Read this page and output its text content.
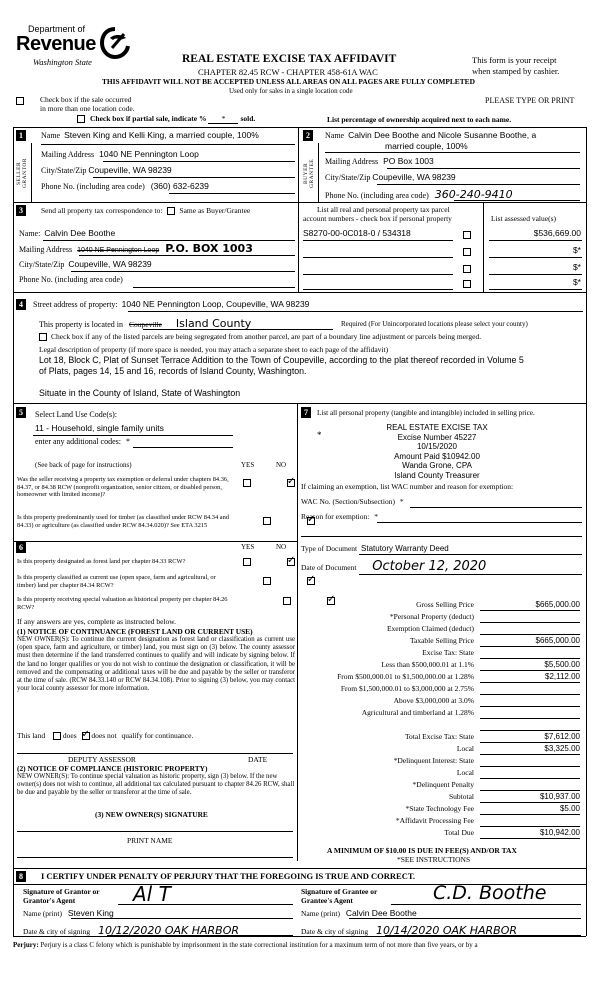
Department of
Revenue
Washington State	REAL ESTATE EXCISE TAX AFFIDAVIT
CHAPTER 82.45 RCW - CHAPTER 458-61A WAC
This form is your receipt
when stamped by cashier.
THIS AFFIDAVIT WILL NOT BE ACCEPTED UNLESS ALL AREAS ON ALL PAGES ARE FULLY COMPLETED
Used only for sales in a single location code
Check box if the sale occurred
in more than one location code.
PLEASE TYPE OR PRINT
Check box if partial sale, indicate % * sold.	List percentage of ownership acquired next to each name.
1
SELLER GRANTOR
Name Steven King and Kelli King, a married couple, 100%
Mailing Address 1040 NE Pennington Loop
City/State/Zip Coupeville, WA 98239
Phone No. (including area code) (360) 632-6239
2
BUYER GRANTEE
Name Calvin Dee Boothe and Nicole Susanne Boothe, a
married couple, 100%
Mailing Address PO Box 1003
City/State/Zip Coupeville, WA 98239
Phone No. (including area code) 360-240-9410
3	Send all property tax correspondence to: Same as Buyer/Grantee
Name: Calvin Dee Boothe
Mailing Address 1040 NE Pennington Loop P.O. BOX 1003
City/State/Zip Coupeville, WA 98239
Phone No. (including area code)
List all real and personal property tax parcel
account numbers - check box if personal property	List assessed value(s)
S8270-00-0C018-0 / 534318	$536,669.00
$*
$*
$*
4	Street address of property: 1040 NE Pennington Loop, Coupeville, WA 98239
This property is located in Coupeville Island County	Required (For Unincorporated locations please select your county)
Check box if any of the listed parcels are being segregated from another parcel, are part of a boundary line adjustment or parcels being merged.
Legal description of property (if more space is needed, you may attach a separate sheet to each page of the affidavit)
Lot 18, Block C, Plat of Sunset Terrace Addition to the Town of Coupeville, according to the plat thereof recorded in Volume 5
of Plats, pages 14, 15 and 16, records of Island County, Washington.
Situate in the County of Island, State of Washington
5	Select Land Use Code(s):
11 - Household, single family units
enter any additional codes: *
(See back of page for instructions)	YES	NO
Was the seller receiving a property tax exemption or deferral under chapters 84.36, 84.37, or 84.38 RCW (nonprofit organization, senior citizen, or disabled person, homeowner with limited income)?
✓
Is this property predominantly used for timber (as classified under RCW 84.34 and 84.33) or agriculture (as classified under RCW 84.34.020)? See ETA 3215
✓
6	YES	NO
Is this property designated as forest land per chapter 84.33 RCW?
✓
Is this property classified as current use (open space, farm and agricultural, or timber) land per chapter 84.34 RCW?
✓
Is this property receiving special valuation as historical property per chapter 84.26 RCW?
✓
If any answers are yes, complete as instructed below.
(1) NOTICE OF CONTINUANCE (FOREST LAND OR CURRENT USE)
NEW OWNER(S): To continue the current designation as forest land or classification as current use (open space, farm and agriculture, or timber) land, you must sign on (3) below. The county assessor must then determine if the land transferred continues to qualify and will indicate by signing below. If the land no longer qualifies or you do not wish to continue the designation or classification, it will be removed and the compensating or additional taxes will be due and payable by the seller or transferor at the time of sale. (RCW 84.33.140 or RCW 84.34.108). Prior to signing (3) below, you may contact your local county assessor for more information.
This land does ✓ does not qualify for continuance.
DEPUTY ASSESSOR	DATE
(2) NOTICE OF COMPLIANCE (HISTORIC PROPERTY)
NEW OWNER(S): To continue special valuation as historic property, sign (3) below. If the new owner(s) does not wish to continue, all additional tax calculated pursuant to chapter 84.26 RCW, shall be due and payable by the seller or transferor at the time of sale.
(3) NEW OWNER(S) SIGNATURE
PRINT NAME
7	List all personal property (tangible and intangible) included in selling price.
*
REAL ESTATE EXCISE TAX
Excise Number 45227
10/15/2020
Amount Paid $10942.00
Wanda Grone, CPA
Island County Treasurer
If claiming an exemption, list WAC number and reason for exemption:
WAC No. (Section/Subsection) *
Reason for exemption: *
Type of Document Statutory Warranty Deed
Date of Document October 12, 2020
Gross Selling Price	$665,000.00
*Personal Property (deduct)
Exemption Claimed (deduct)
Taxable Selling Price	$665,000.00
Excise Tax: State
Less than $500,000.01 at 1.1%	$5,500.00
From $500,000.01 to $1,500,000.00 at 1.28%	$2,112.00
From $1,500,000.01 to $3,000,000 at 2.75%
Above $3,000,000 at 3.0%
Agricultural and timberland at 1.28%
Total Excise Tax: State	$7,612.00
Local	$3,325.00
*Delinquent Interest: State
Local
*Delinquent Penalty
Subtotal	$10,937.00
*State Technology Fee	$5.00
*Affidavit Processing Fee
Total Due	$10,942.00
A MINIMUM OF $10.00 IS DUE IN FEE(S) AND/OR TAX
*SEE INSTRUCTIONS
8	I CERTIFY UNDER PENALTY OF PERJURY THAT THE FOREGOING IS TRUE AND CORRECT.
Signature of Grantor or Grantor's Agent	Al T
Name (print) Steven King
Date & city of signing 10/12/2020 OAK HARBOR
Signature of Grantee or Grantee's Agent	C.D. Boothe
Name (print) Calvin Dee Boothe
Date & city of signing 10/14/2020 OAK HARBOR
Perjury: Perjury is a class C felony which is punishable by imprisonment in the state correctional institution for a maximum term of not more than five years, or by a
